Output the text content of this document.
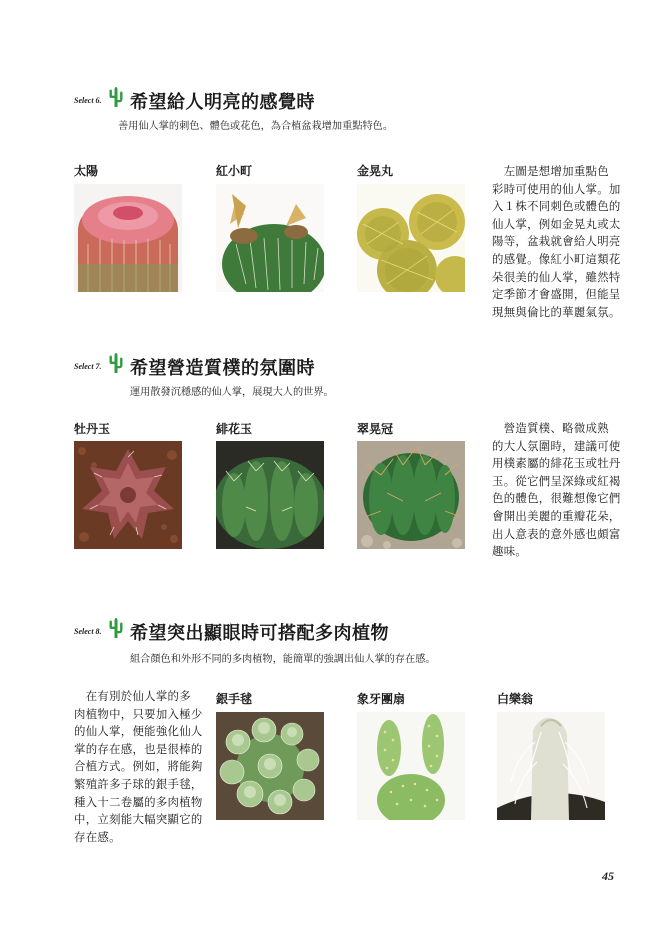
Select 6. 希望給人明亮的感覺時
善用仙人掌的刺色、體色或花色，為合植盆栽增加重點特色。
太陽	紅小町	金晃丸	　左圖是想增加重點色
彩時可使用的仙人掌。加
入１株不同刺色或體色的
仙人掌，例如金晃丸或太
陽等，盆栽就會給人明亮
的感覺。像紅小町這類花
朵很美的仙人掌，雖然特
定季節才會盛開，但能呈
現無與倫比的華麗氣氛。
Select 7. 希望營造質樸的氛圍時
運用散發沉穩感的仙人掌，展現大人的世界。
牡丹玉	緋花玉	翠晃冠	　營造質樸、略微成熟
的大人氛圍時，建議可使
用樸素屬的緋花玉或牡丹
玉。從它們呈深綠或紅褐
色的體色，很難想像它們
會開出美麗的重瓣花朵，
出人意表的意外感也頗富
趣味。
Select 8. 希望突出顯眼時可搭配多肉植物
組合顏色和外形不同的多肉植物，能簡單的強調出仙人掌的存在感。
　在有別於仙人掌的多
肉植物中，只要加入極少
的仙人掌，便能強化仙人
掌的存在感，也是很棒的
合植方式。例如，將能夠
繁殖許多子球的銀手毬，
種入十二卷屬的多肉植物
中，立刻能大幅突顯它的
存在感。
銀手毬	象牙團扇	白樂翁
45
